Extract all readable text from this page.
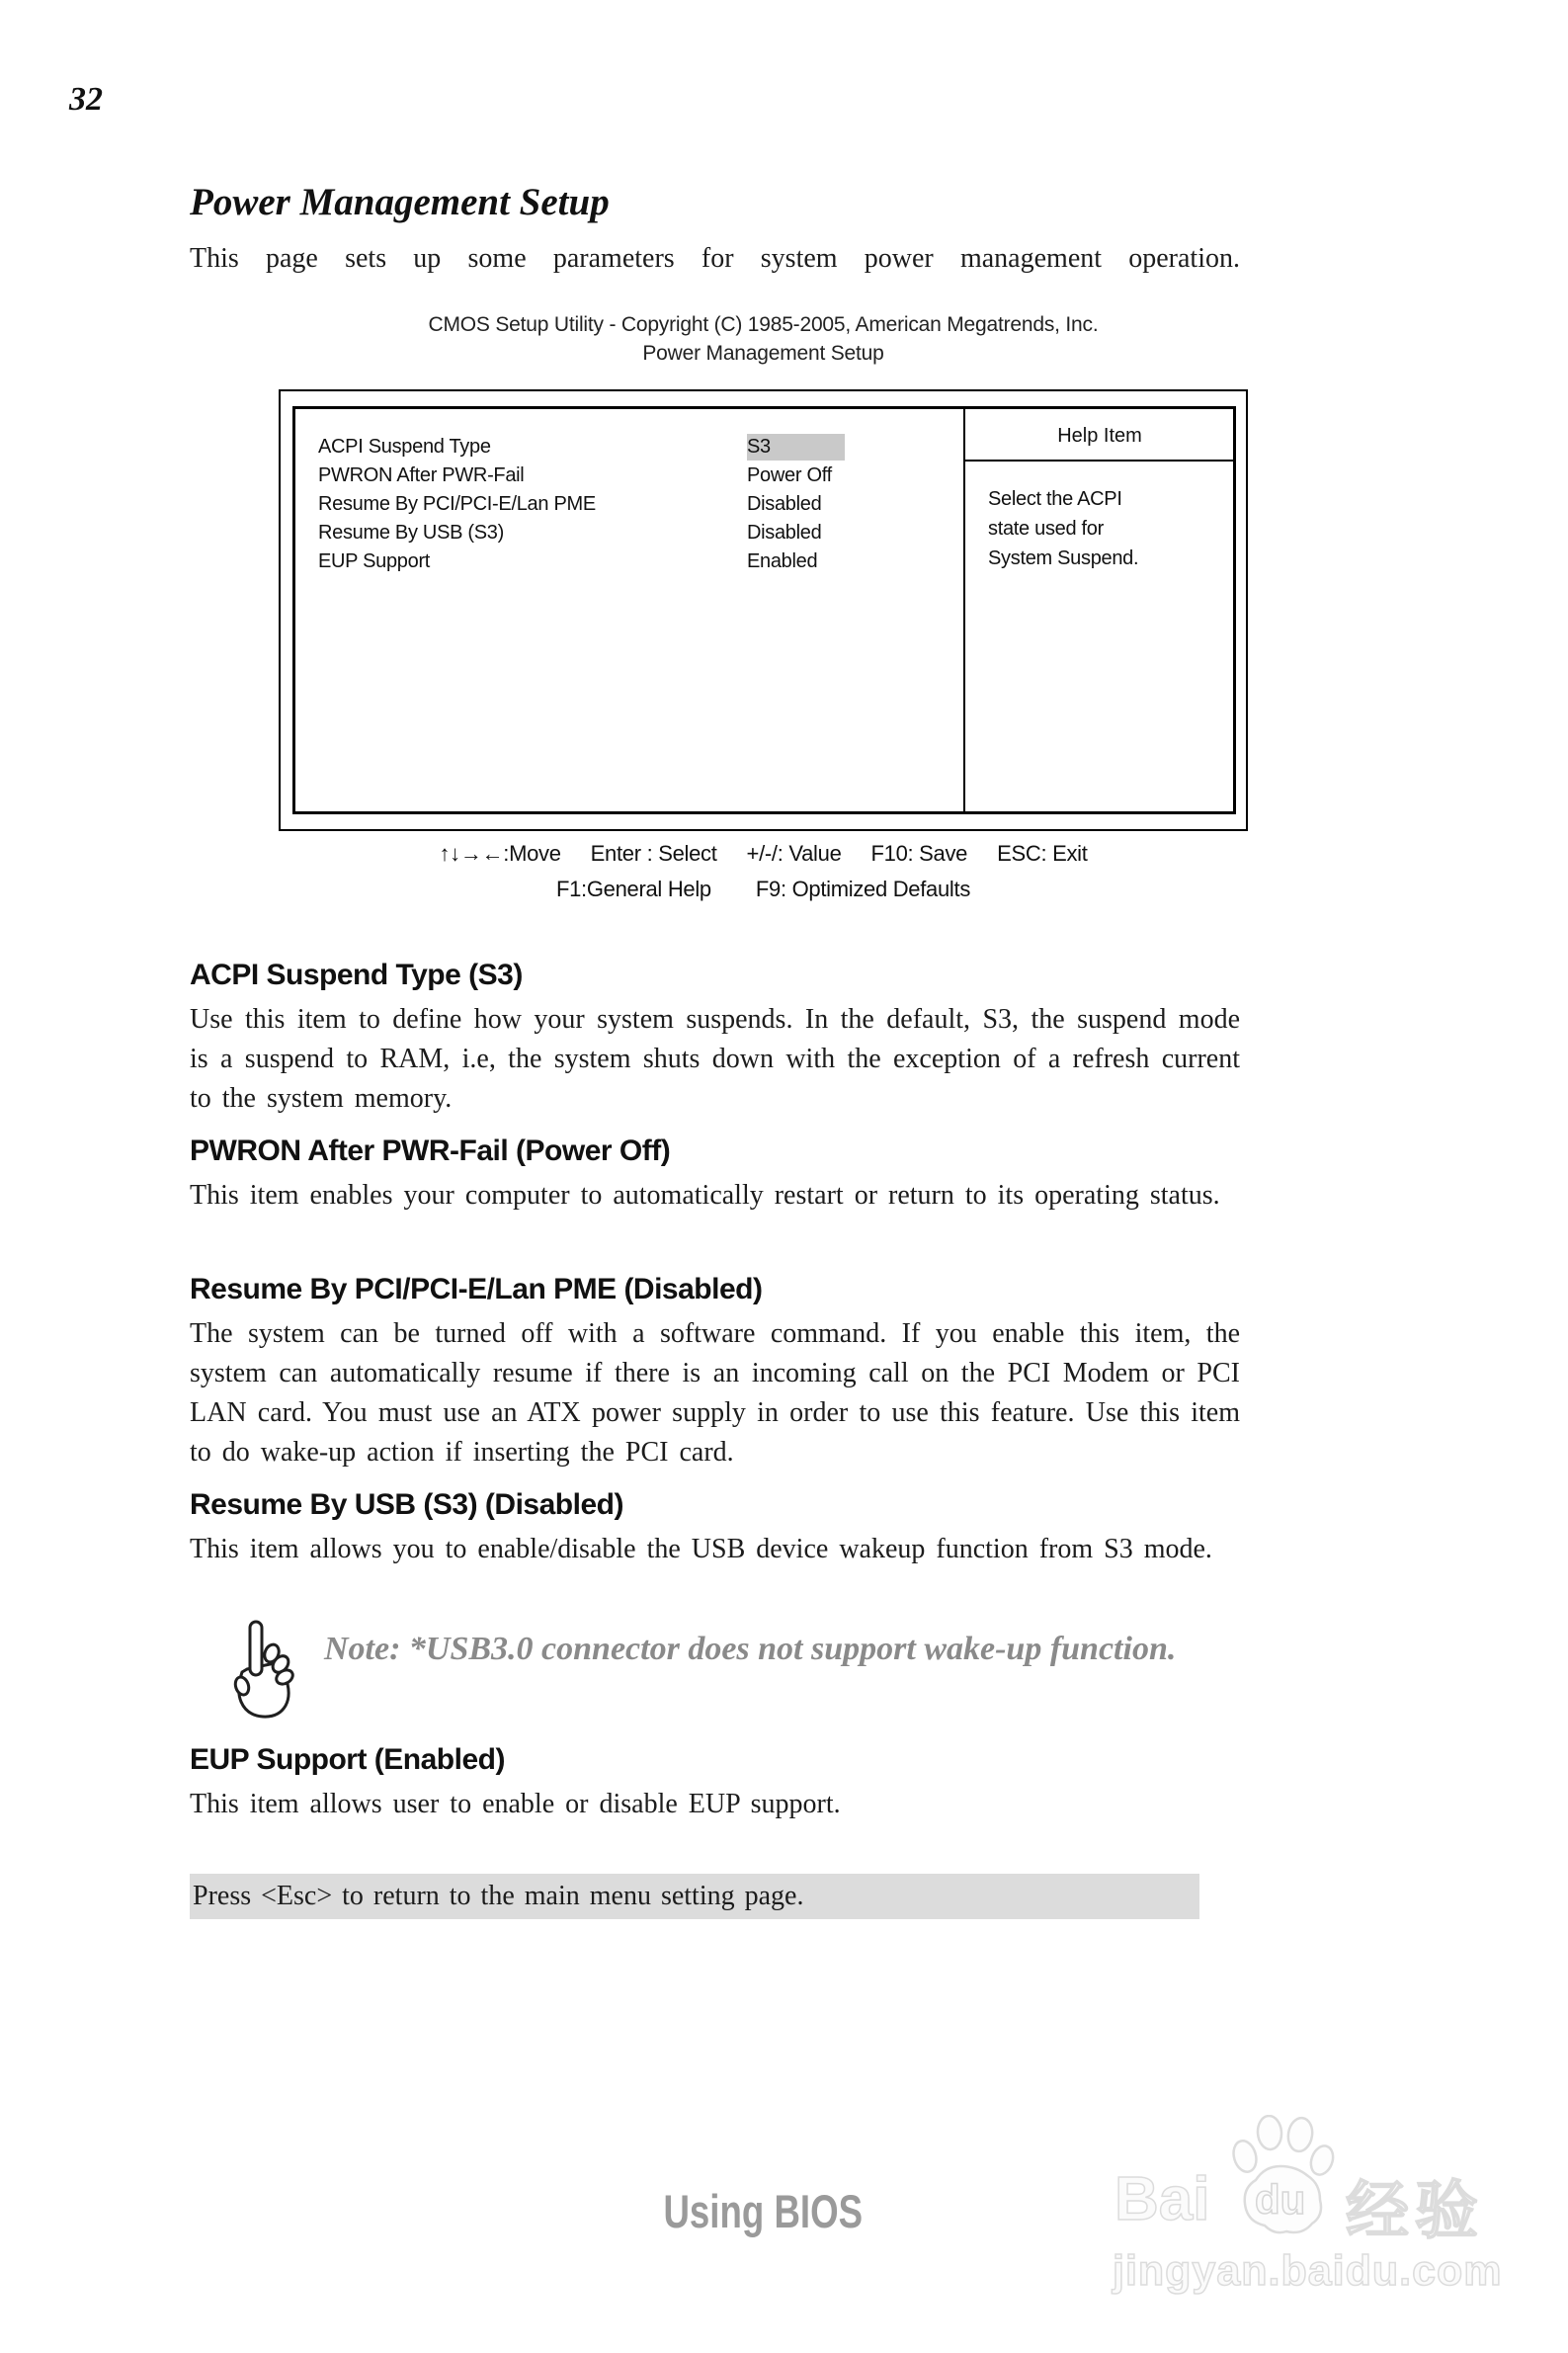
32
Power Management Setup
This page sets up some parameters for system power management operation.
CMOS Setup Utility - Copyright (C) 1985-2005, American Megatrends, Inc.
Power Management Setup
ACPI Suspend Type	S3
PWRON After PWR-Fail	Power Off
Resume By PCI/PCI-E/Lan PME	Disabled
Resume By USB (S3)	Disabled
EUP Support	Enabled
Help Item
Select the ACPI
state used for
System Suspend.
↑↓→←:Move Enter : Select +/-/: Value F10: Save ESC: Exit
F1:General Help F9: Optimized Defaults
ACPI Suspend Type (S3)
Use this item to define how your system suspends. In the default, S3, the suspend mode is a suspend to RAM, i.e, the system shuts down with the exception of a refresh current to the system memory.
PWRON After PWR-Fail (Power Off)
This item enables your computer to automatically restart or return to its operating status.
Resume By PCI/PCI-E/Lan PME (Disabled)
The system can be turned off with a software command. If you enable this item, the system can automatically resume if there is an incoming call on the PCI Modem or PCI LAN card. You must use an ATX power supply in order to use this feature. Use this item to do wake-up action if inserting the PCI card.
Resume By USB (S3) (Disabled)
This item allows you to enable/disable the USB device wakeup function from S3 mode.
Note: *USB3.0 connector does not support wake-up function.
EUP Support (Enabled)
This item allows user to enable or disable EUP support.
Press <Esc> to return to the main menu setting page.
Using BIOS	Bai du 经验
jingyan.baidu.com
